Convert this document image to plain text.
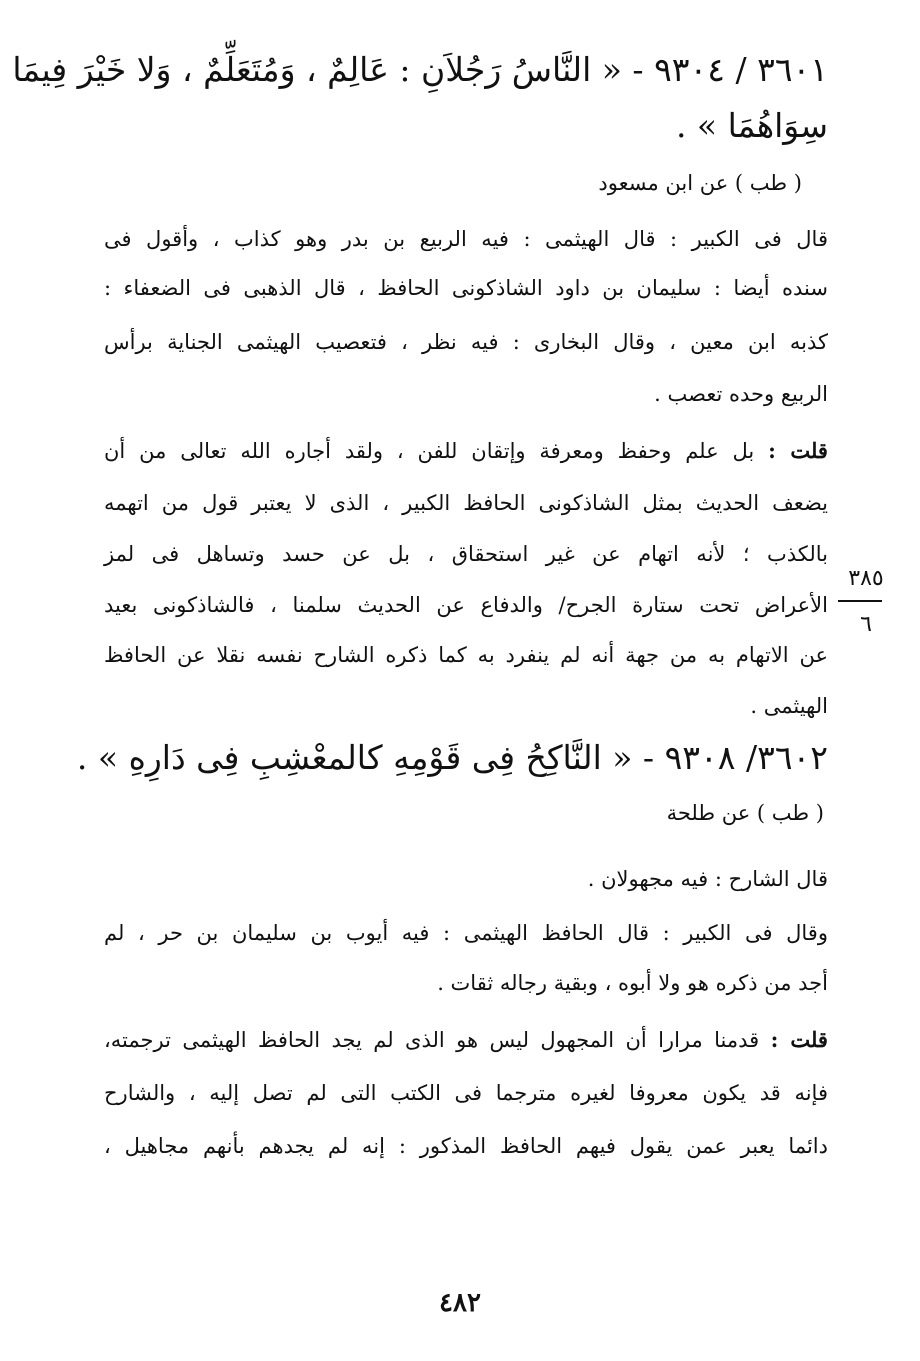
٣٦٠١ / ٩٣٠٤ - « النَّاسُ رَجُلاَنِ : عَالِمٌ ، وَمُتَعَلِّمٌ ، وَلا خَيْرَ فِيمَا
سِوَاهُمَا » .
( طب ) عن ابن مسعود
قال فى الكبير : قال الهيثمى : فيه الربيع بن بدر وهو كذاب ، وأقول فى
سنده أيضا : سليمان بن داود الشاذكونى الحافظ ، قال الذهبى فى الضعفاء :
كذبه ابن معين ، وقال البخارى : فيه نظر ، فتعصيب الهيثمى الجناية برأس
الربيع وحده تعصب .
قلت : بل علم وحفظ ومعرفة وإتقان للفن ، ولقد أجاره الله تعالى من أن
يضعف الحديث بمثل الشاذكونى الحافظ الكبير ، الذى لا يعتبر قول من اتهمه
بالكذب ؛ لأنه اتهام عن غير استحقاق ، بل عن حسد وتساهل فى لمز
الأعراض تحت ستارة الجرح/ والدفاع عن الحديث سلمنا ، فالشاذكونى بعيد
عن الاتهام به من جهة أنه لم ينفرد به كما ذكره الشارح نفسه نقلا عن الحافظ
الهيثمى .
٣٨٥
٦
٣٦٠٢/ ٩٣٠٨ - « النَّاكِحُ فِى قَوْمِهِ كالمعْشِبِ فِى دَارِهِ » .
( طب ) عن طلحة
قال الشارح : فيه مجهولان .
وقال فى الكبير : قال الحافظ الهيثمى : فيه أيوب بن سليمان بن حر ، لم
أجد من ذكره هو ولا أبوه ، وبقية رجاله ثقات .
قلت : قدمنا مرارا أن المجهول ليس هو الذى لم يجد الحافظ الهيثمى ترجمته،
فإنه قد يكون معروفا لغيره مترجما فى الكتب التى لم تصل إليه ، والشارح
دائما يعبر عمن يقول فيهم الحافظ المذكور : إنه لم يجدهم بأنهم مجاهيل ،
٤٨٢
